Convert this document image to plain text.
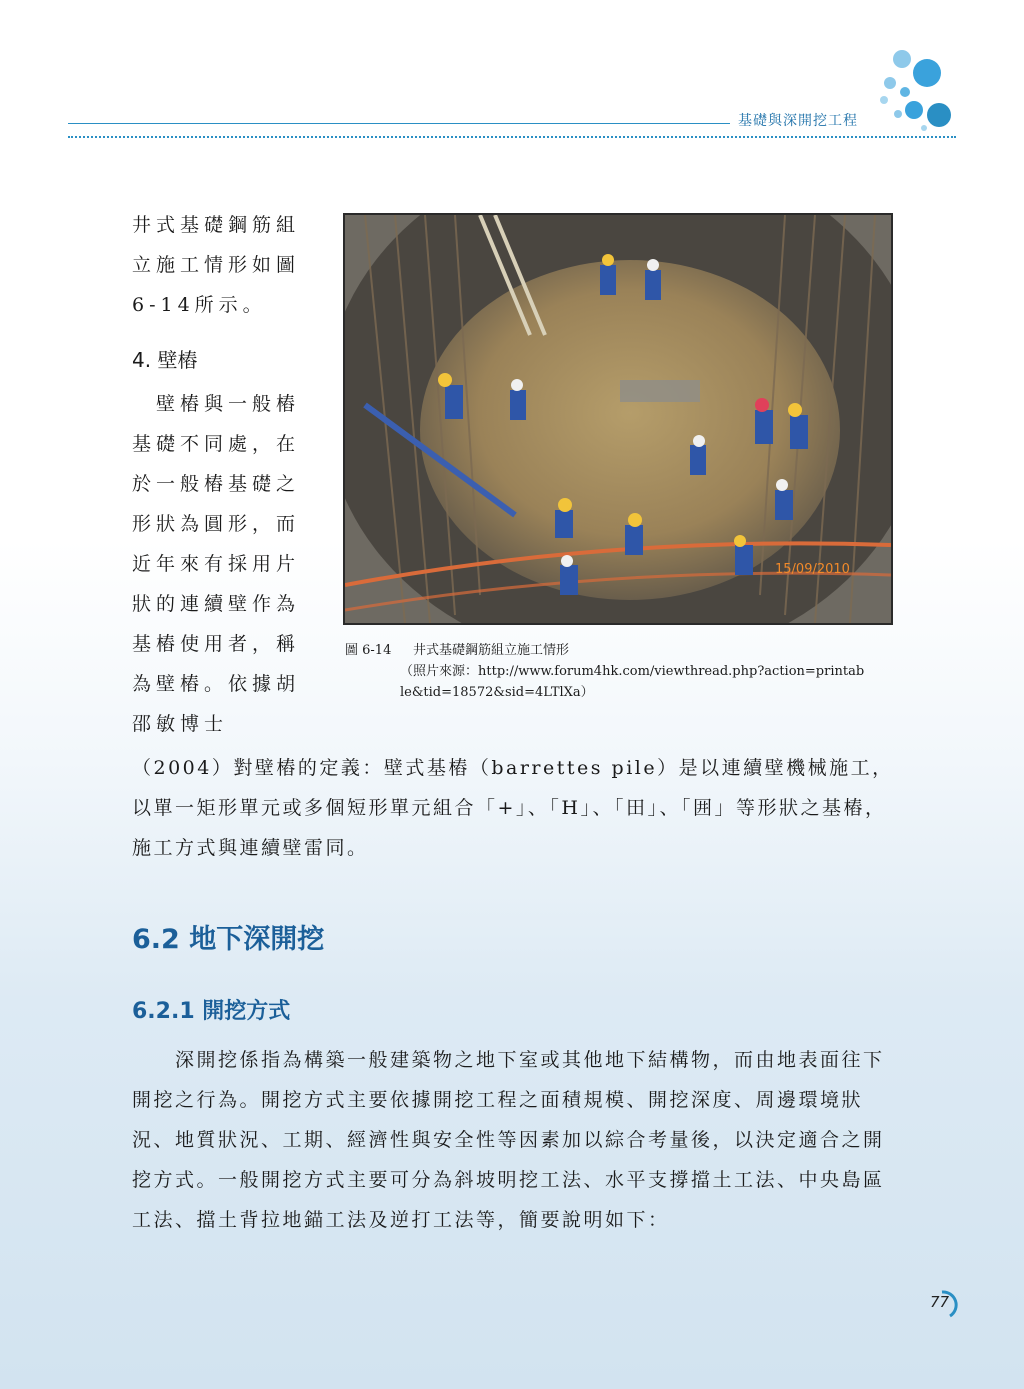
基礎與深開挖工程

井式基礎鋼筋組立施工情形如圖6-14所示。

4. 壁樁

　壁樁與一般樁基礎不同處，在於一般樁基礎之形狀為圓形，而近年來有採用片狀的連續壁作為基樁使用者，稱為壁樁。依據胡邵敏博士

15/09/2010
圖 6-14 井式基礎鋼筋組立施工情形
（照片來源：http://www.forum4hk.com/viewthread.php?action=printab
le&tid=18572&sid=4LTlXa）

（2004）對壁樁的定義：壁式基樁（barrettes pile）是以連續壁機械施工，以單一矩形單元或多個短形單元組合「+」、「H」、「田」、「囲」等形狀之基樁，施工方式與連續壁雷同。

6.2 地下深開挖
6.2.1 開挖方式

　　深開挖係指為構築一般建築物之地下室或其他地下結構物，而由地表面往下開挖之行為。開挖方式主要依據開挖工程之面積規模、開挖深度、周邊環境狀況、地質狀況、工期、經濟性與安全性等因素加以綜合考量後，以決定適合之開挖方式。一般開挖方式主要可分為斜坡明挖工法、水平支撐擋土工法、中央島區工法、擋土背拉地錨工法及逆打工法等，簡要說明如下：

77
